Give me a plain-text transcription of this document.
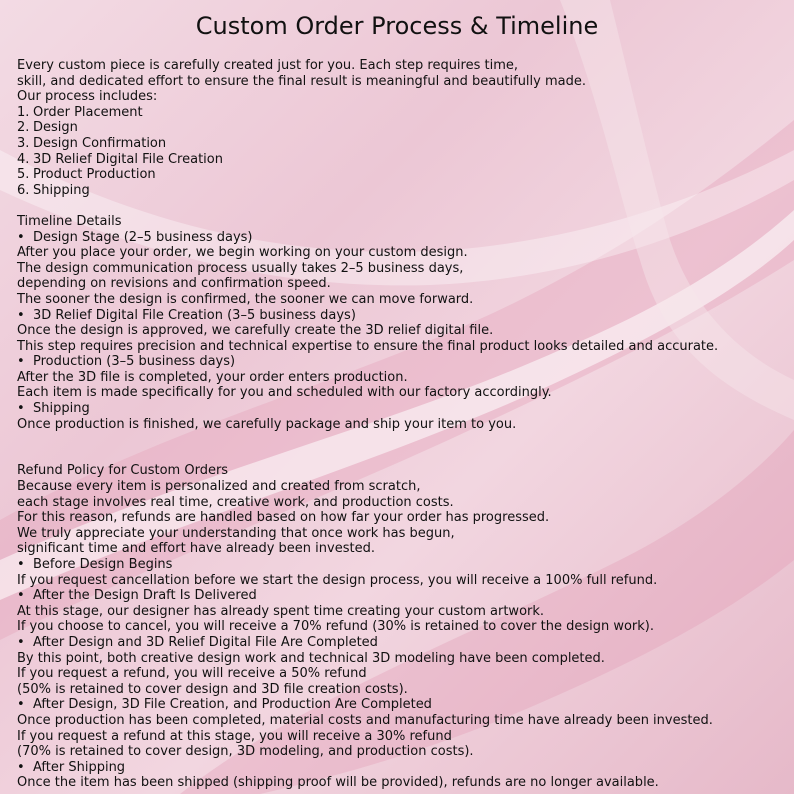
Custom Order Process & Timeline
Every custom piece is carefully created just for you. Each step requires time,
skill, and dedicated effort to ensure the final result is meaningful and beautifully made.
Our process includes:
1. Order Placement
2. Design
3. Design Confirmation
4. 3D Relief Digital File Creation
5. Product Production
6. Shipping
Timeline Details
• Design Stage (2–5 business days)
After you place your order, we begin working on your custom design.
The design communication process usually takes 2–5 business days,
depending on revisions and confirmation speed.
The sooner the design is confirmed, the sooner we can move forward.
• 3D Relief Digital File Creation (3–5 business days)
Once the design is approved, we carefully create the 3D relief digital file.
This step requires precision and technical expertise to ensure the final product looks detailed and accurate.
• Production (3–5 business days)
After the 3D file is completed, your order enters production.
Each item is made specifically for you and scheduled with our factory accordingly.
• Shipping
Once production is finished, we carefully package and ship your item to you.
Refund Policy for Custom Orders
Because every item is personalized and created from scratch,
each stage involves real time, creative work, and production costs.
For this reason, refunds are handled based on how far your order has progressed.
We truly appreciate your understanding that once work has begun,
significant time and effort have already been invested.
• Before Design Begins
If you request cancellation before we start the design process, you will receive a 100% full refund.
• After the Design Draft Is Delivered
At this stage, our designer has already spent time creating your custom artwork.
If you choose to cancel, you will receive a 70% refund (30% is retained to cover the design work).
• After Design and 3D Relief Digital File Are Completed
By this point, both creative design work and technical 3D modeling have been completed.
If you request a refund, you will receive a 50% refund
(50% is retained to cover design and 3D file creation costs).
• After Design, 3D File Creation, and Production Are Completed
Once production has been completed, material costs and manufacturing time have already been invested.
If you request a refund at this stage, you will receive a 30% refund
(70% is retained to cover design, 3D modeling, and production costs).
• After Shipping
Once the item has been shipped (shipping proof will be provided), refunds are no longer available.
